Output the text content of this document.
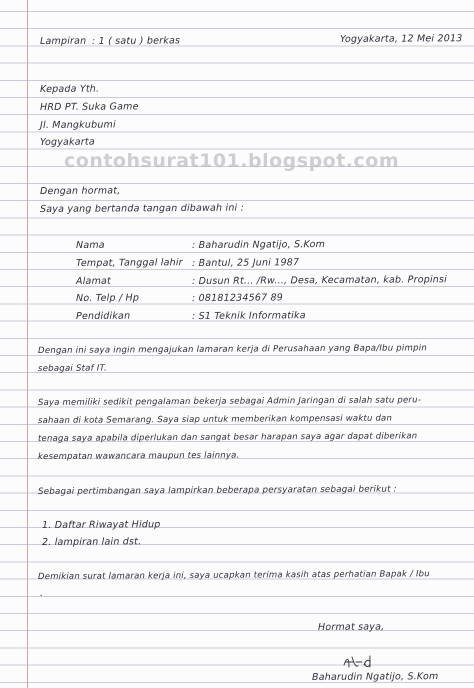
Lampiran : 1 ( satu ) berkas	Yogyakarta, 12 Mei 2013
Kepada Yth.
HRD PT. Suka Game
Jl. Mangkubumi
Yogyakarta
contohsurat101.blogspot.com
Dengan hormat,
Saya yang bertanda tangan dibawah ini :
Nama	: Baharudin Ngatijo, S.Kom
Tempat, Tanggal lahir : Bantul, 25 Juni 1987
Alamat	: Dusun Rt... /Rw..., Desa, Kecamatan, kab. Propinsi
No. Telp / Hp	: 08181234567 89
Pendidikan	: S1 Teknik Informatika
Dengan ini saya ingin mengajukan lamaran kerja di Perusahaan yang Bapa/Ibu pimpin
sebagai Staf IT.
Saya memiliki sedikit pengalaman bekerja sebagai Admin Jaringan di salah satu peru-
sahaan di kota Semarang. Saya siap untuk memberikan kompensasi waktu dan
tenaga saya apabila diperlukan dan sangat besar harapan saya agar dapat diberikan
kesempatan wawancara maupun tes lainnya.
Sebagai pertimbangan saya lampirkan beberapa persyaratan sebagai berikut :
1. Daftar Riwayat Hidup
2. lampiran lain dst.
Demikian surat lamaran kerja ini, saya ucapkan terima kasih atas perhatian Bapak / Ibu
.
Hormat saya,
Baharudin Ngatijo, S.Kom
